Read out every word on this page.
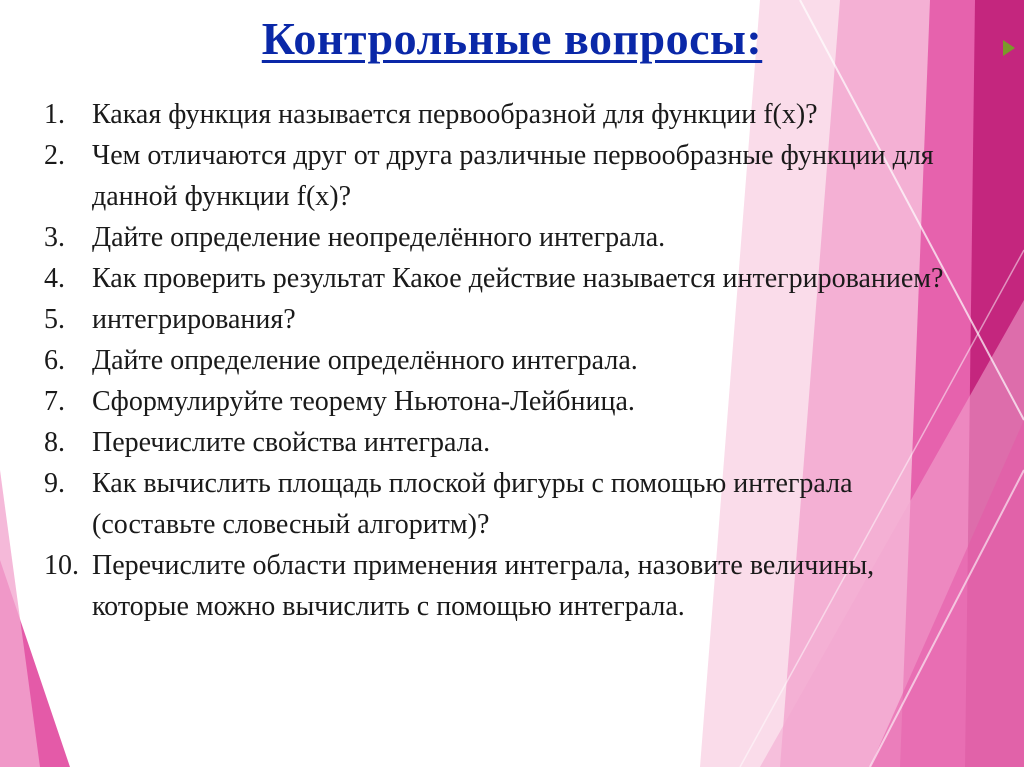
Контрольные вопросы:
1. Какая функция называется первообразной для функции f(x)?
2. Чем отличаются друг от друга различные первообразные функции для данной функции f(x)?
3. Дайте определение неопределённого интеграла.
4. Как проверить результат Какое действие называется интегрированием?
5. интегрирования?
6. Дайте определение определённого интеграла.
7. Сформулируйте теорему Ньютона-Лейбница.
8. Перечислите свойства интеграла.
9. Как вычислить площадь плоской фигуры с помощью интеграла (составьте словесный алгоритм)?
10. Перечислите области применения интеграла, назовите величины, которые можно вычислить с помощью интеграла.
